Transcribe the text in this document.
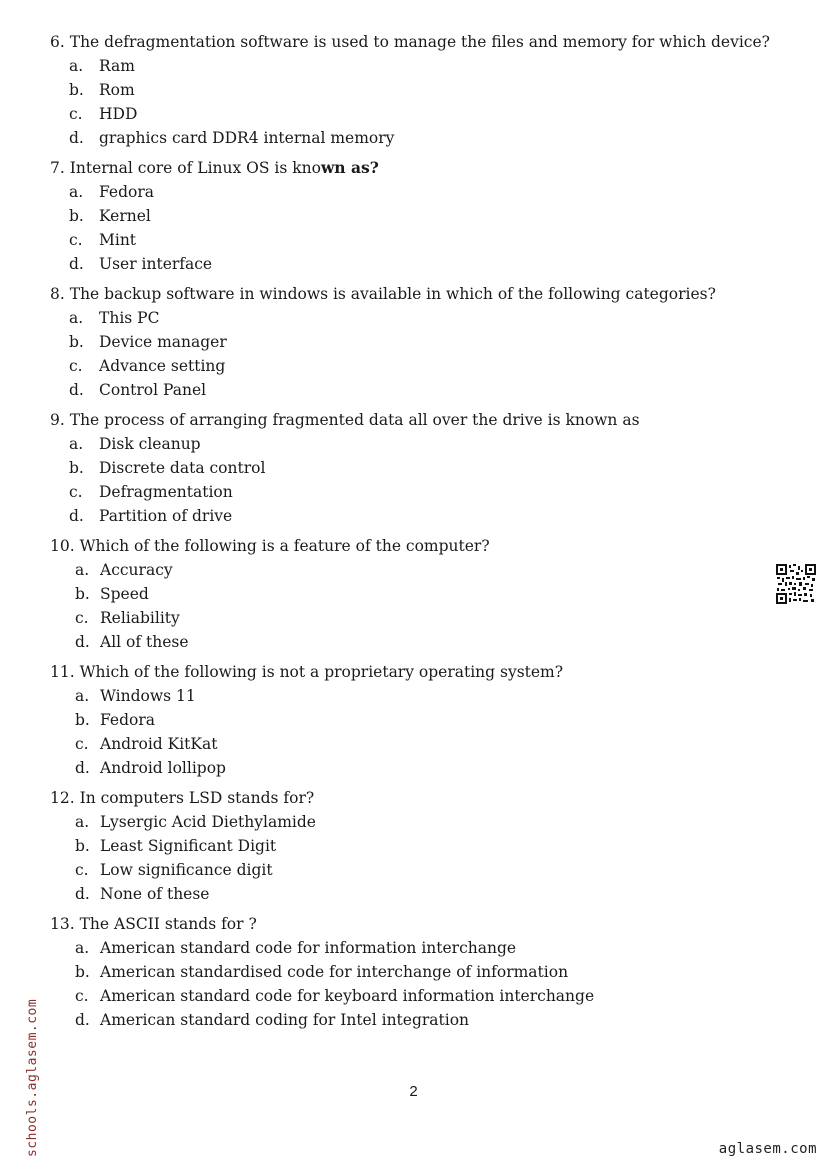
6. The defragmentation software is used to manage the files and memory for which device?
a. Ram
b. Rom
c. HDD
d. graphics card DDR4 internal memory
7. Internal core of Linux OS is known as?
a. Fedora
b. Kernel
c. Mint
d. User interface
8. The backup software in windows is available in which of the following categories?
a. This PC
b. Device manager
c. Advance setting
d. Control Panel
9. The process of arranging fragmented data all over the drive is known as
a. Disk cleanup
b. Discrete data control
c. Defragmentation
d. Partition of drive
10. Which of the following is a feature of the computer?
a. Accuracy
b. Speed
c. Reliability
d. All of these
11. Which of the following is not a proprietary operating system?
a. Windows 11
b. Fedora
c. Android KitKat
d. Android lollipop
12. In computers LSD stands for?
a. Lysergic Acid Diethylamide
b. Least Significant Digit
c. Low significance digit
d. None of these
13. The ASCII stands for ?
a. American standard code for information interchange
b. American standardised code for interchange of information
c. American standard code for keyboard information interchange
d. American standard coding for Intel integration
2
schools.aglasem.com	aglasem.com
